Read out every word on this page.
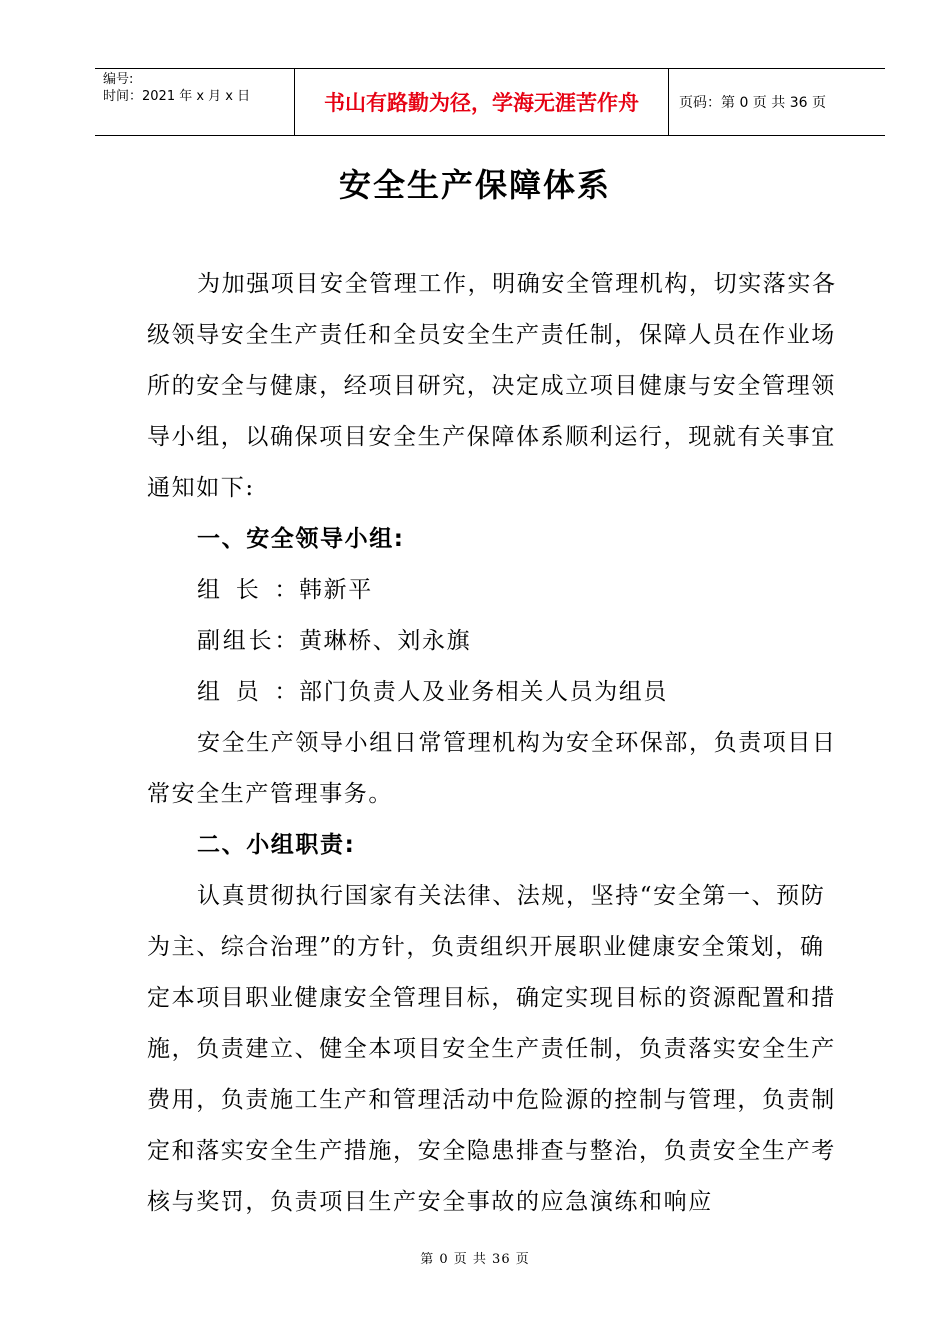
编号:
时间：2021 年 x 月 x 日	书山有路勤为径，学海无涯苦作舟	页码：第 0 页 共 36 页
安全生产保障体系

为加强项目安全管理工作，明确安全管理机构，切实落实各级领导安全生产责任和全员安全生产责任制，保障人员在作业场所的安全与健康，经项目研究，决定成立项目健康与安全管理领导小组，以确保项目安全生产保障体系顺利运行，现就有关事宜通知如下:

一、安全领导小组:

组长：韩新平

副组长：黄琳桥、刘永旗

组员：部门负责人及业务相关人员为组员

安全生产领导小组日常管理机构为安全环保部，负责项目日常安全生产管理事务。

二、小组职责:

认真贯彻执行国家有关法律、法规，坚持“安全第一、预防为主、综合治理”的方针，负责组织开展职业健康安全策划，确定本项目职业健康安全管理目标，确定实现目标的资源配置和措施，负责建立、健全本项目安全生产责任制，负责落实安全生产费用，负责施工生产和管理活动中危险源的控制与管理，负责制定和落实安全生产措施，安全隐患排查与整治，负责安全生产考核与奖罚，负责项目生产安全事故的应急演练和响应

第 0 页 共 36 页
